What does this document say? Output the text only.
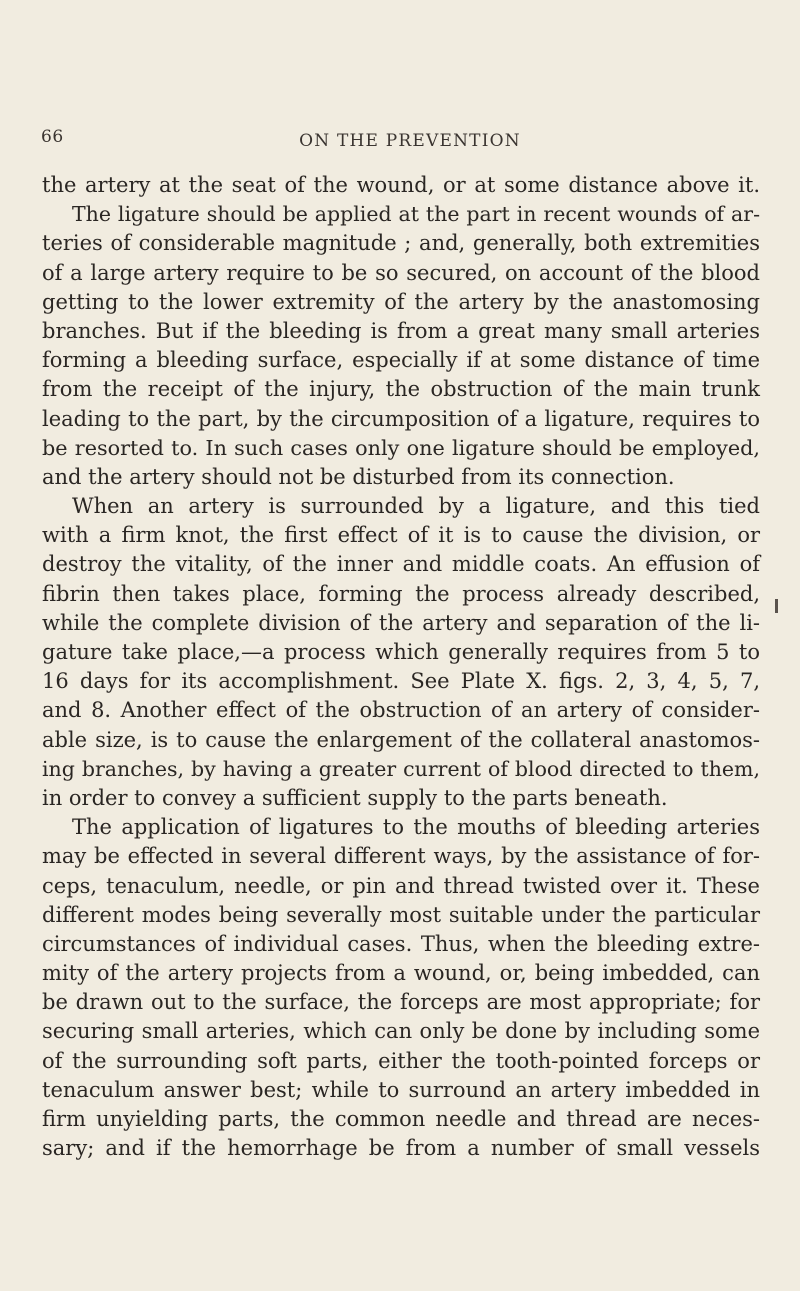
66	ON THE PREVENTION
the artery at the seat of the wound, or at some distance above it.
The ligature should be applied at the part in recent wounds of ar-
teries of considerable magnitude ; and, generally, both extremities
of a large artery require to be so secured, on account of the blood
getting to the lower extremity of the artery by the anastomosing
branches. But if the bleeding is from a great many small arteries
forming a bleeding surface, especially if at some distance of time
from the receipt of the injury, the obstruction of the main trunk
leading to the part, by the circumposition of a ligature, requires to
be resorted to. In such cases only one ligature should be employed,
and the artery should not be disturbed from its connection.
When an artery is surrounded by a ligature, and this tied
with a firm knot, the first effect of it is to cause the division, or
destroy the vitality, of the inner and middle coats. An effusion of
fibrin then takes place, forming the process already described,
while the complete division of the artery and separation of the li-
gature take place,—a process which generally requires from 5 to
16 days for its accomplishment. See Plate X. figs. 2, 3, 4, 5, 7,
and 8. Another effect of the obstruction of an artery of consider-
able size, is to cause the enlargement of the collateral anastomos-
ing branches, by having a greater current of blood directed to them,
in order to convey a sufficient supply to the parts beneath.
The application of ligatures to the mouths of bleeding arteries
may be effected in several different ways, by the assistance of for-
ceps, tenaculum, needle, or pin and thread twisted over it. These
different modes being severally most suitable under the particular
circumstances of individual cases. Thus, when the bleeding extre-
mity of the artery projects from a wound, or, being imbedded, can
be drawn out to the surface, the forceps are most appropriate; for
securing small arteries, which can only be done by including some
of the surrounding soft parts, either the tooth-pointed forceps or
tenaculum answer best; while to surround an artery imbedded in
firm unyielding parts, the common needle and thread are neces-
sary; and if the hemorrhage be from a number of small vessels
